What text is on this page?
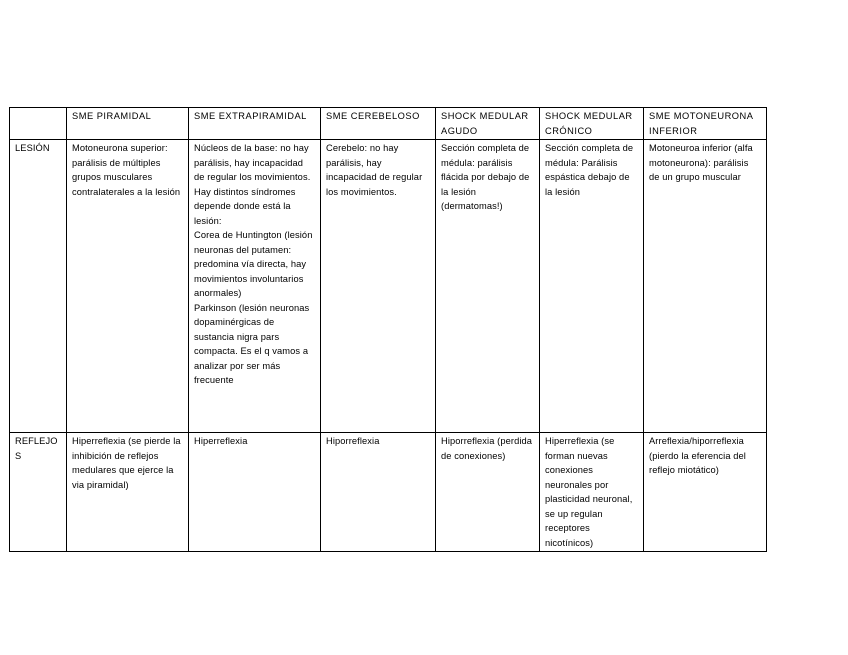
	SME PIRAMIDAL	SME EXTRAPIRAMIDAL	SME CEREBELOSO	SHOCK MEDULAR AGUDO	SHOCK MEDULAR CRÓNICO	SME MOTONEURONA INFERIOR
LESIÓN	Motoneurona superior: parálisis de múltiples grupos musculares contralaterales a la lesión	Núcleos de la base: no hay parálisis, hay incapacidad de regular los movimientos. Hay distintos síndromes depende donde está la lesión:
Corea de Huntington (lesión neuronas del putamen: predomina vía directa, hay movimientos involuntarios anormales)
Parkinson (lesión neuronas dopaminérgicas de sustancia nigra pars compacta. Es el q vamos a analizar por ser más frecuente	Cerebelo: no hay parálisis, hay incapacidad de regular los movimientos.	Sección completa de médula: parálisis flácida por debajo de la lesión (dermatomas!)	Sección completa de médula: Parálisis espástica debajo de la lesión	Motoneuroa inferior (alfa motoneurona): parálisis de un grupo muscular
REFLEJOS	Hiperreflexia (se pierde la inhibición de reflejos medulares que ejerce la via piramidal)	Hiperreflexia	Hiporreflexia	Hiporreflexia (perdida de conexiones)	Hiperreflexia (se forman nuevas conexiones neuronales por plasticidad neuronal, se up regulan receptores nicotínicos)	Arreflexia/hiporreflexia (pierdo la eferencia del reflejo miotático)
